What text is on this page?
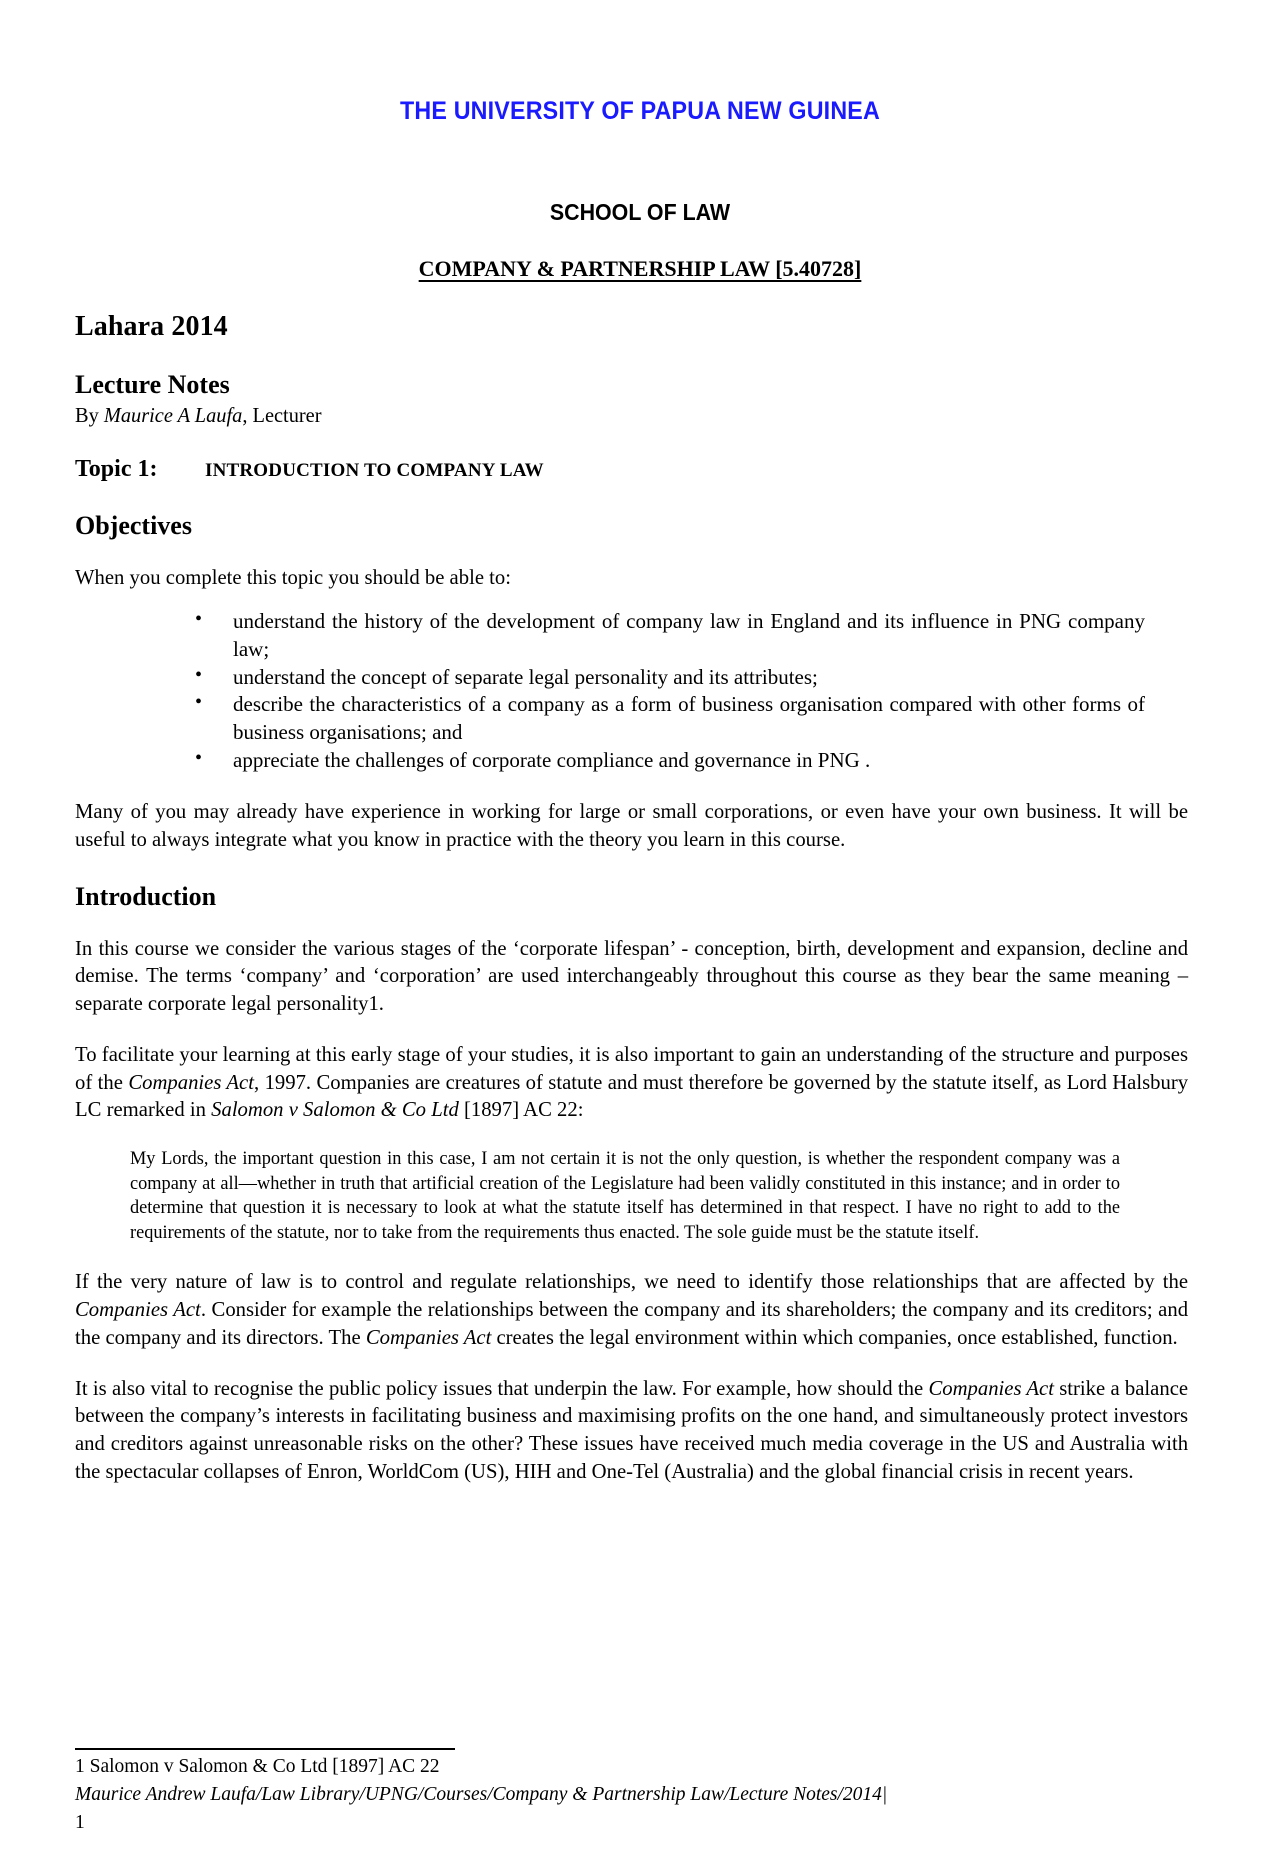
THE UNIVERSITY OF PAPUA NEW GUINEA
SCHOOL OF LAW
COMPANY & PARTNERSHIP LAW [5.40728]
Lahara 2014
Lecture Notes
By Maurice A Laufa, Lecturer
Topic 1:	INTRODUCTION TO COMPANY LAW
Objectives
When you complete this topic you should be able to:
• understand the history of the development of company law in England and its influence in PNG company law;
• understand the concept of separate legal personality and its attributes;
• describe the characteristics of a company as a form of business organisation compared with other forms of business organisations; and
• appreciate the challenges of corporate compliance and governance in PNG .
Many of you may already have experience in working for large or small corporations, or even have your own business. It will be useful to always integrate what you know in practice with the theory you learn in this course.
Introduction
In this course we consider the various stages of the ‘corporate lifespan’ - conception, birth, development and expansion, decline and demise. The terms ‘company’ and ‘corporation’ are used interchangeably throughout this course as they bear the same meaning – separate corporate legal personality1.
To facilitate your learning at this early stage of your studies, it is also important to gain an understanding of the structure and purposes of the Companies Act, 1997. Companies are creatures of statute and must therefore be governed by the statute itself, as Lord Halsbury LC remarked in Salomon v Salomon & Co Ltd [1897] AC 22:
My Lords, the important question in this case, I am not certain it is not the only question, is whether the respondent company was a company at all—whether in truth that artificial creation of the Legislature had been validly constituted in this instance; and in order to determine that question it is necessary to look at what the statute itself has determined in that respect. I have no right to add to the requirements of the statute, nor to take from the requirements thus enacted. The sole guide must be the statute itself.
If the very nature of law is to control and regulate relationships, we need to identify those relationships that are affected by the Companies Act. Consider for example the relationships between the company and its shareholders; the company and its creditors; and the company and its directors. The Companies Act creates the legal environment within which companies, once established, function.
It is also vital to recognise the public policy issues that underpin the law. For example, how should the Companies Act strike a balance between the company’s interests in facilitating business and maximising profits on the one hand, and simultaneously protect investors and creditors against unreasonable risks on the other? These issues have received much media coverage in the US and Australia with the spectacular collapses of Enron, WorldCom (US), HIH and One-Tel (Australia) and the global financial crisis in recent years.
1 Salomon v Salomon & Co Ltd [1897] AC 22
Maurice Andrew Laufa/Law Library/UPNG/Courses/Company & Partnership Law/Lecture Notes/2014|
1
